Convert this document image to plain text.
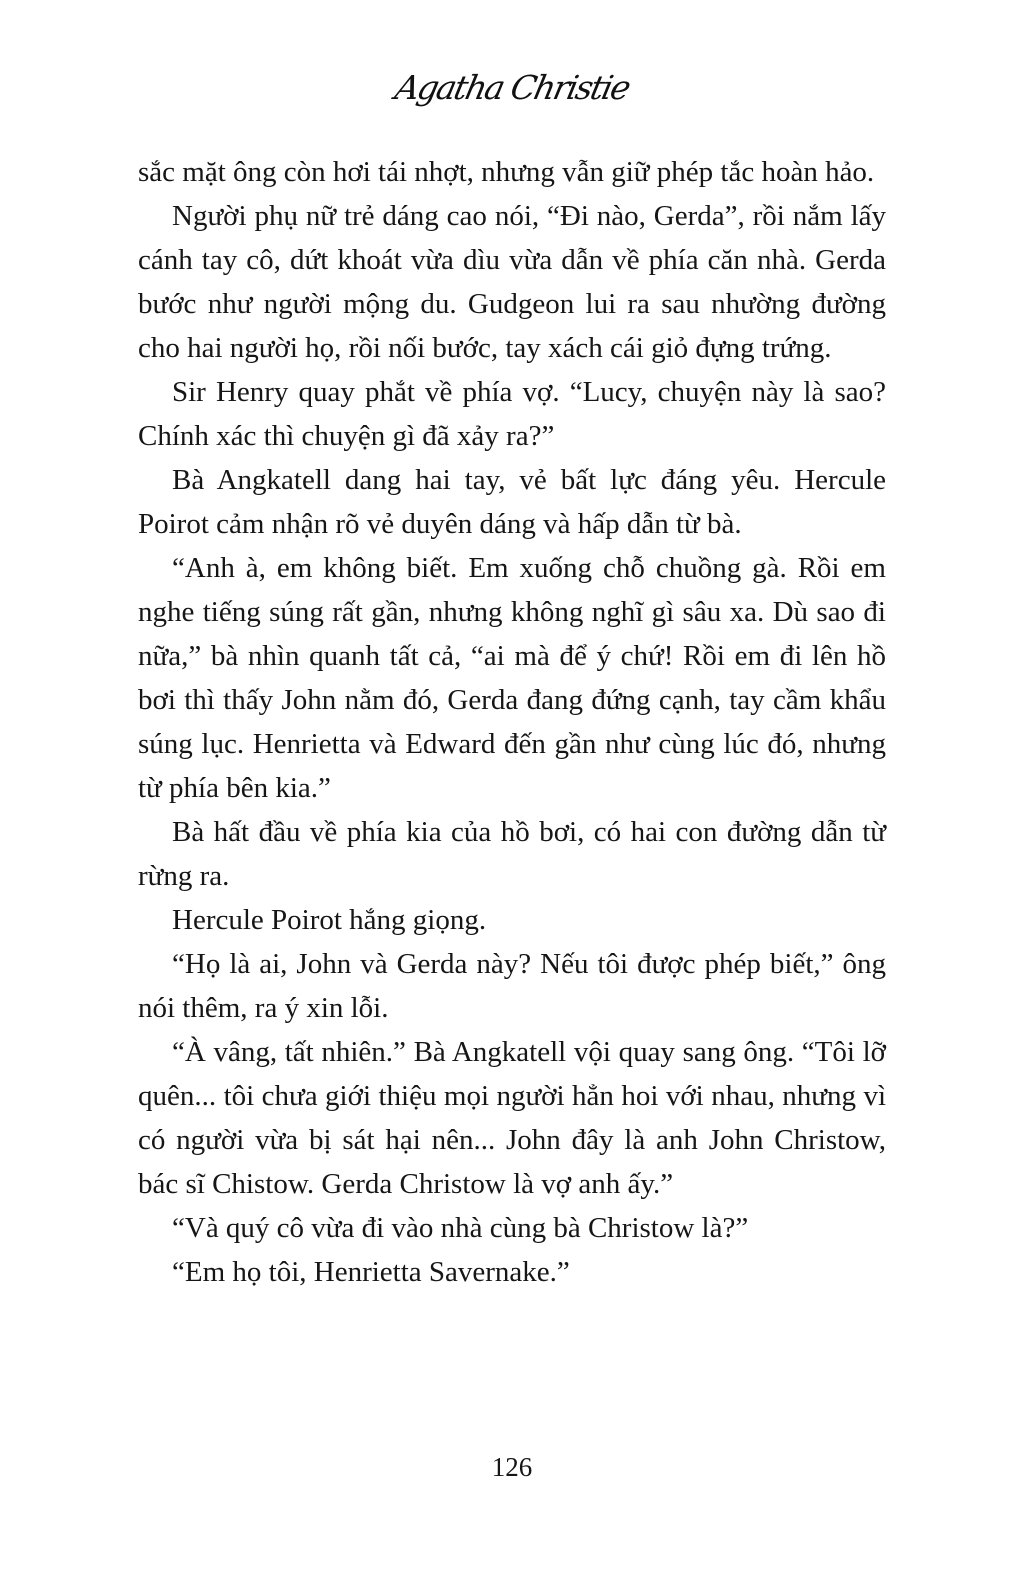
Agatha Christie

sắc mặt ông còn hơi tái nhợt, nhưng vẫn giữ phép tắc hoàn hảo.

Người phụ nữ trẻ dáng cao nói, “Đi nào, Gerda”, rồi nắm lấy cánh tay cô, dứt khoát vừa dìu vừa dẫn về phía căn nhà. Gerda bước như người mộng du. Gudgeon lui ra sau nhường đường cho hai người họ, rồi nối bước, tay xách cái giỏ đựng trứng.

Sir Henry quay phắt về phía vợ. “Lucy, chuyện này là sao? Chính xác thì chuyện gì đã xảy ra?”

Bà Angkatell dang hai tay, vẻ bất lực đáng yêu. Hercule Poirot cảm nhận rõ vẻ duyên dáng và hấp dẫn từ bà.

“Anh à, em không biết. Em xuống chỗ chuồng gà. Rồi em nghe tiếng súng rất gần, nhưng không nghĩ gì sâu xa. Dù sao đi nữa,” bà nhìn quanh tất cả, “ai mà để ý chứ! Rồi em đi lên hồ bơi thì thấy John nằm đó, Gerda đang đứng cạnh, tay cầm khẩu súng lục. Henrietta và Edward đến gần như cùng lúc đó, nhưng từ phía bên kia.”

Bà hất đầu về phía kia của hồ bơi, có hai con đường dẫn từ rừng ra.

Hercule Poirot hắng giọng.

“Họ là ai, John và Gerda này? Nếu tôi được phép biết,” ông nói thêm, ra ý xin lỗi.

“À vâng, tất nhiên.” Bà Angkatell vội quay sang ông. “Tôi lỡ quên... tôi chưa giới thiệu mọi người hẳn hoi với nhau, nhưng vì có người vừa bị sát hại nên... John đây là anh John Christow, bác sĩ Chistow. Gerda Christow là vợ anh ấy.”

“Và quý cô vừa đi vào nhà cùng bà Christow là?”

“Em họ tôi, Henrietta Savernake.”

126
